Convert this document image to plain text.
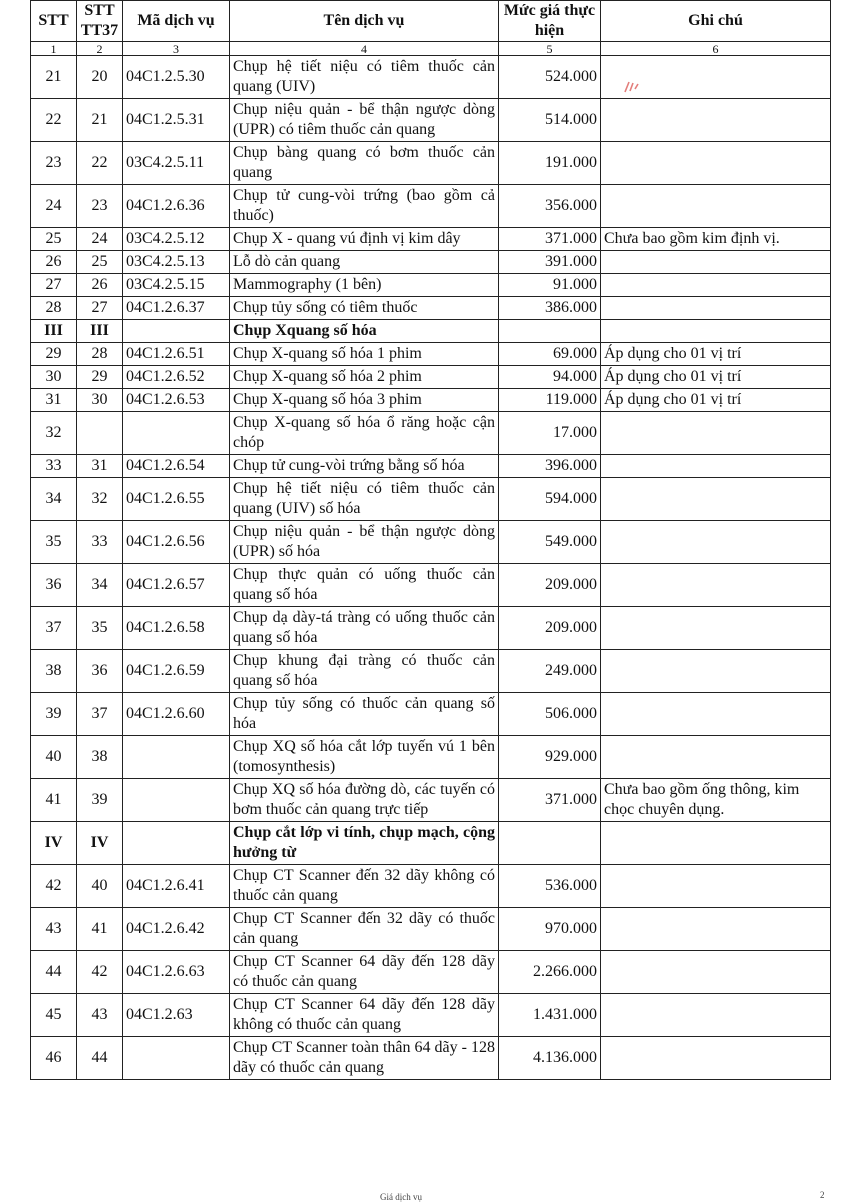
STT	STT TT37	Mã dịch vụ	Tên dịch vụ	Mức giá thực hiện	Ghi chú
1	2	3	4	5	6
21	20	04C1.2.5.30	Chụp hệ tiết niệu có tiêm thuốc cản quang (UIV)	524.000	
22	21	04C1.2.5.31	Chụp niệu quản - bể thận ngược dòng (UPR) có tiêm thuốc cản quang	514.000	
23	22	03C4.2.5.11	Chụp bàng quang có bơm thuốc cản quang	191.000	
24	23	04C1.2.6.36	Chụp tử cung-vòi trứng (bao gồm cả thuốc)	356.000	
25	24	03C4.2.5.12	Chụp X - quang vú định vị kim dây	371.000	Chưa bao gồm kim định vị.
26	25	03C4.2.5.13	Lỗ dò cản quang	391.000	
27	26	03C4.2.5.15	Mammography (1 bên)	91.000	
28	27	04C1.2.6.37	Chụp tủy sống có tiêm thuốc	386.000	
III	III		Chụp Xquang số hóa		
29	28	04C1.2.6.51	Chụp X-quang số hóa 1 phim	69.000	Áp dụng cho 01 vị trí
30	29	04C1.2.6.52	Chụp X-quang số hóa 2 phim	94.000	Áp dụng cho 01 vị trí
31	30	04C1.2.6.53	Chụp X-quang số hóa 3 phim	119.000	Áp dụng cho 01 vị trí
32			Chụp X-quang số hóa ổ răng hoặc cận chóp	17.000	
33	31	04C1.2.6.54	Chụp tử cung-vòi trứng bằng số hóa	396.000	
34	32	04C1.2.6.55	Chụp hệ tiết niệu có tiêm thuốc cản quang (UIV) số hóa	594.000	
35	33	04C1.2.6.56	Chụp niệu quản - bể thận ngược dòng (UPR) số hóa	549.000	
36	34	04C1.2.6.57	Chụp thực quản có uống thuốc cản quang số hóa	209.000	
37	35	04C1.2.6.58	Chụp dạ dày-tá tràng có uống thuốc cản quang số hóa	209.000	
38	36	04C1.2.6.59	Chụp khung đại tràng có thuốc cản quang số hóa	249.000	
39	37	04C1.2.6.60	Chụp tủy sống có thuốc cản quang số hóa	506.000	
40	38		Chụp XQ số hóa cắt lớp tuyến vú 1 bên (tomosynthesis)	929.000	
41	39		Chụp XQ số hóa đường dò, các tuyến có bơm thuốc cản quang trực tiếp	371.000	Chưa bao gồm ống thông, kim chọc chuyên dụng.
IV	IV		Chụp cắt lớp vi tính, chụp mạch, cộng hưởng từ		
42	40	04C1.2.6.41	Chụp CT Scanner đến 32 dãy không có thuốc cản quang	536.000	
43	41	04C1.2.6.42	Chụp CT Scanner đến 32 dãy có thuốc cản quang	970.000	
44	42	04C1.2.6.63	Chụp CT Scanner 64 dãy đến 128 dãy có thuốc cản quang	2.266.000	
45	43	04C1.2.63	Chụp CT Scanner 64 dãy đến 128 dãy không có thuốc cản quang	1.431.000	
46	44		Chụp CT Scanner toàn thân 64 dãy - 128 dãy có thuốc cản quang	4.136.000	
Giá dịch vụ	2
